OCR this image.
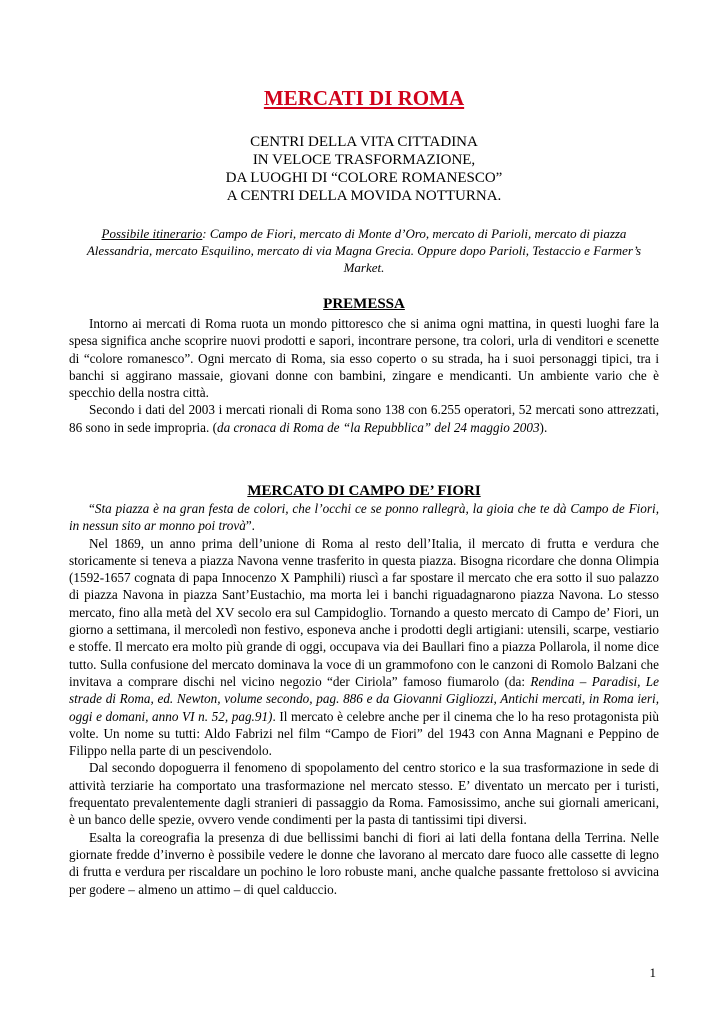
MERCATI DI ROMA
CENTRI DELLA VITA CITTADINA
IN VELOCE TRASFORMAZIONE,
DA LUOGHI DI “COLORE ROMANESCO”
A CENTRI DELLA MOVIDA NOTTURNA.

Possibile itinerario: Campo de Fiori, mercato di Monte d’Oro, mercato di Parioli, mercato di piazza Alessandria, mercato Esquilino, mercato di via Magna Grecia. Oppure dopo Parioli, Testaccio e Farmer’s Market.

PREMESSA

Intorno ai mercati di Roma ruota un mondo pittoresco che si anima ogni mattina, in questi luoghi fare la spesa significa anche scoprire nuovi prodotti e sapori, incontrare persone, tra colori, urla di venditori e scenette di “colore romanesco”. Ogni mercato di Roma, sia esso coperto o su strada, ha i suoi personaggi tipici, tra i banchi si aggirano massaie, giovani donne con bambini, zingare e mendicanti. Un ambiente vario che è specchio della nostra città.

Secondo i dati del 2003 i mercati rionali di Roma sono 138 con 6.255 operatori, 52 mercati sono attrezzati, 86 sono in sede impropria. (da cronaca di Roma de “la Repubblica” del 24 maggio 2003).

MERCATO DI CAMPO DE’ FIORI

“Sta piazza è na gran festa de colori, che l’occhi ce se ponno rallegrà, la gioia che te dà Campo de Fiori, in nessun sito ar monno poi trovà”.

Nel 1869, un anno prima dell’unione di Roma al resto dell’Italia, il mercato di frutta e verdura che storicamente si teneva a piazza Navona venne trasferito in questa piazza. Bisogna ricordare che donna Olimpia (1592-1657 cognata di papa Innocenzo X Pamphili) riuscì a far spostare il mercato che era sotto il suo palazzo di piazza Navona in piazza Sant’Eustachio, ma morta lei i banchi riguadagnarono piazza Navona. Lo stesso mercato, fino alla metà del XV secolo era sul Campidoglio. Tornando a questo mercato di Campo de’ Fiori, un giorno a settimana, il mercoledì non festivo, esponeva anche i prodotti degli artigiani: utensili, scarpe, vestiario e stoffe. Il mercato era molto più grande di oggi, occupava via dei Baullari fino a piazza Pollarola, il nome dice tutto. Sulla confusione del mercato dominava la voce di un grammofono con le canzoni di Romolo Balzani che invitava a comprare dischi nel vicino negozio “der Ciriola” famoso fiumarolo (da: Rendina – Paradisi, Le strade di Roma, ed. Newton, volume secondo, pag. 886 e da Giovanni Gigliozzi, Antichi mercati, in Roma ieri, oggi e domani, anno VI n. 52, pag.91). Il mercato è celebre anche per il cinema che lo ha reso protagonista più volte. Un nome su tutti: Aldo Fabrizi nel film “Campo de Fiori” del 1943 con Anna Magnani e Peppino de Filippo nella parte di un pescivendolo.

Dal secondo dopoguerra il fenomeno di spopolamento del centro storico e la sua trasformazione in sede di attività terziarie ha comportato una trasformazione nel mercato stesso. E’ diventato un mercato per i turisti, frequentato prevalentemente dagli stranieri di passaggio da Roma. Famosissimo, anche sui giornali americani, è un banco delle spezie, ovvero vende condimenti per la pasta di tantissimi tipi diversi.

Esalta la coreografia la presenza di due bellissimi banchi di fiori ai lati della fontana della Terrina. Nelle giornate fredde d’inverno è possibile vedere le donne che lavorano al mercato dare fuoco alle cassette di legno di frutta e verdura per riscaldare un pochino le loro robuste mani, anche qualche passante frettoloso si avvicina per godere – almeno un attimo – di quel calduccio.

1
